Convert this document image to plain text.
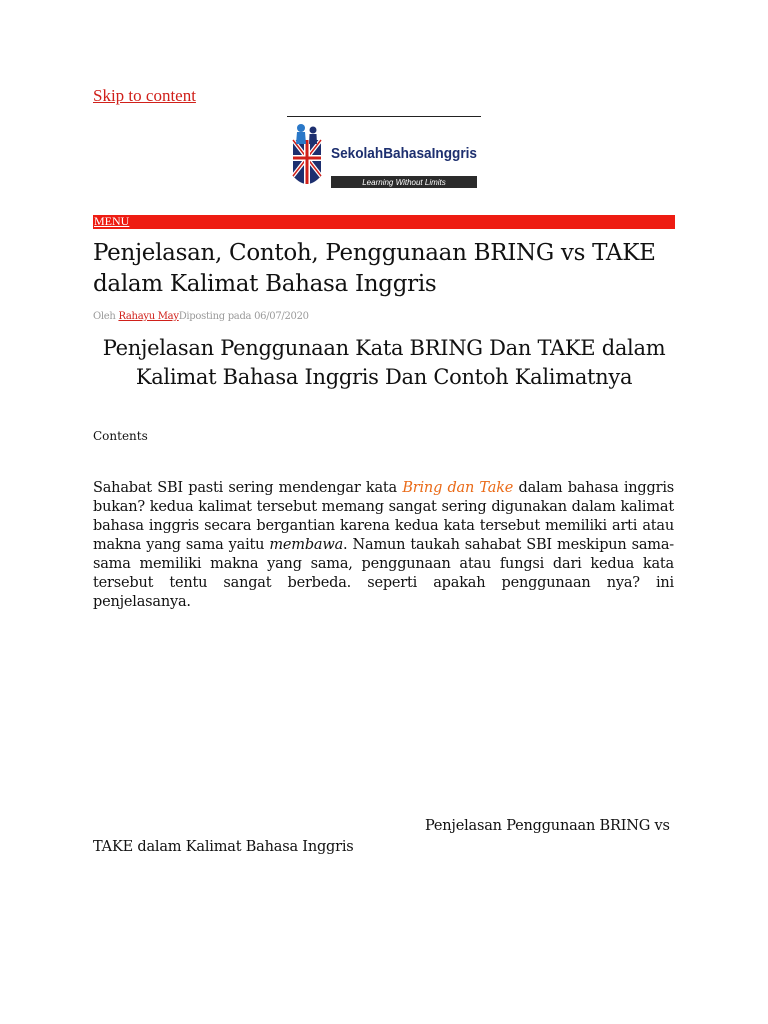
Skip to content
SekolahBahasaInggris
Learning Without Limits
MENU
Penjelasan, Contoh, Penggunaan BRING vs TAKE dalam Kalimat Bahasa Inggris
Oleh Rahayu MayDiposting pada 06/07/2020
Penjelasan Penggunaan Kata BRING Dan TAKE dalam Kalimat Bahasa Inggris Dan Contoh Kalimatnya
Contents

Sahabat SBI pasti sering mendengar kata Bring dan Take dalam bahasa inggris bukan? kedua kalimat tersebut memang sangat sering digunakan dalam kalimat bahasa inggris secara bergantian karena kedua kata tersebut memiliki arti atau makna yang sama yaitu membawa. Namun taukah sahabat SBI meskipun sama-sama memiliki makna yang sama, penggunaan atau fungsi dari kedua kata tersebut tentu sangat berbeda. seperti apakah penggunaan nya? ini penjelasanya.

Penjelasan Penggunaan BRING vs TAKE dalam Kalimat Bahasa Inggris
